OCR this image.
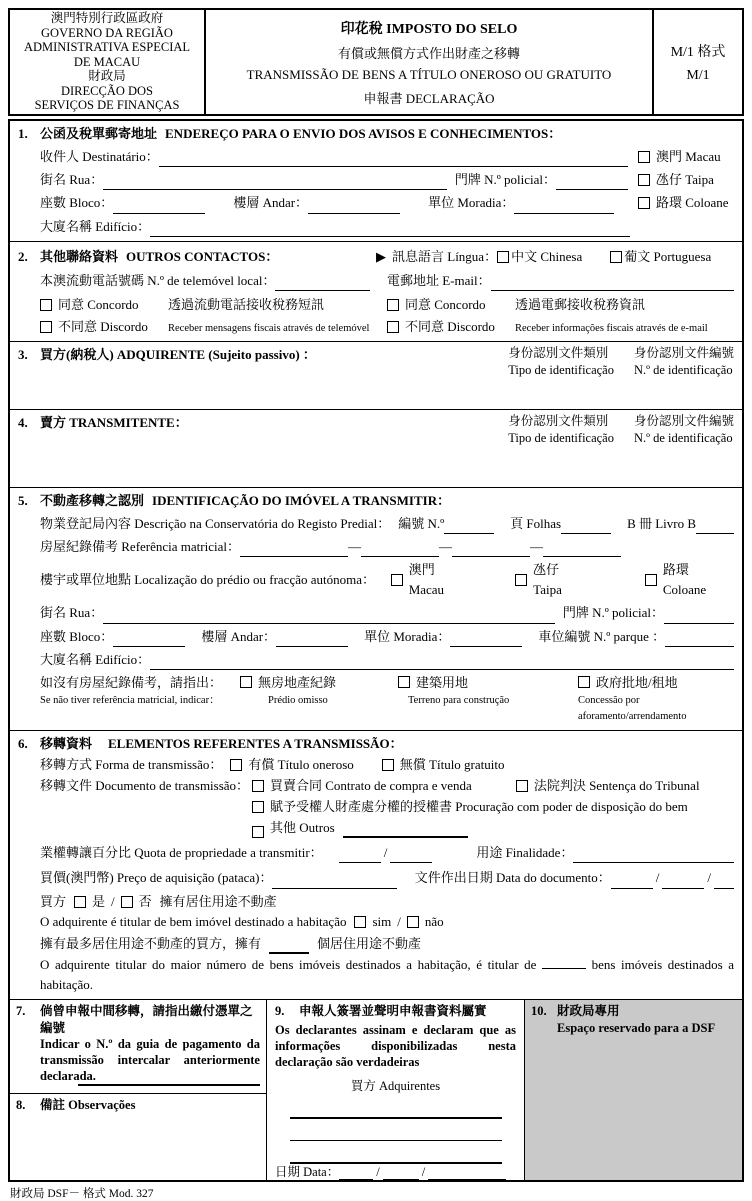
澳門特別行政區政府
GOVERNO DA REGIÃO
ADMINISTRATIVA ESPECIAL
DE MACAU
財政局
DIRECÇÃO DOS
SERVIÇOS DE FINANÇAS
印花稅 IMPOSTO DO SELO
有償或無償方式作出財產之移轉
TRANSMISSÃO DE BENS A TÍTULO ONEROSO OU GRATUITO
申報書 DECLARAÇÃO
M/1 格式
M/1
1. 公函及稅單郵寄地址 ENDEREÇO PARA O ENVIO DOS AVISOS E CONHECIMENTOS：
收件人 Destinatário：	澳門 Macau
街名 Rua：	門牌 N.º policial：	氹仔 Taipa
座數 Bloco：	樓層 Andar：	單位 Moradia：	路環 Coloane
大廈名稱 Edifício：
2. 其他聯絡資料 OUTROS CONTACTOS：	▶ 訊息語言 Língua： 中文 Chinesa	葡文 Portuguesa
本澳流動電話號碼 N.º de telemóvel local：	電郵地址 E-mail：
同意 Concordo 透過流動電話接收稅務短訊	同意 Concordo 透過電郵接收稅務資訊
不同意 Discordo Receber mensagens fiscais através de telemóvel	不同意 Discordo Receber informações fiscais através de e-mail
3. 買方(納稅人) ADQUIRENTE (Sujeito passivo) ：	身份認別文件類別
Tipo de identificação
身份認別文件編號
N.º de identificação
4. 賣方 TRANSMITENTE：	身份認別文件類別
Tipo de identificação
身份認別文件編號
N.º de identificação
5. 不動產移轉之認別 IDENTIFICAÇÃO DO IMÓVEL A TRANSMITIR：
物業登記局內容 Descrição na Conservatória do Registo Predial： 編號 N.º	頁 Folhas	B 冊 Livro B
房屋紀錄備考 Referência matricial：	—	—	—
樓宇或單位地點 Localização do prédio ou fracção autónoma：
澳門 Macau
氹仔 Taipa
路環 Coloane
街名 Rua：	門牌 N.º policial：
座數 Bloco：	樓層 Andar：	單位 Moradia：	車位編號 N.º parque ：
大廈名稱 Edifício：
如沒有房屋紀錄備考，請指出：
Se não tiver referência matricial, indicar：
無房地產紀錄
Prédio omisso
建築用地
Terreno para construção
政府批地/租地
Concessão por aforamento/arrendamento
6. 移轉資料 ELEMENTOS REFERENTES A TRANSMISSÃO：
移轉方式 Forma de transmissão： 有償 Título oneroso	無償 Título gratuito
移轉文件 Documento de transmissão： 買賣合同 Contrato de compra e venda	法院判決 Sentença do Tribunal
賦予受權人財產處分權的授權書 Procuração com poder de disposição do bem
其他 Outros
業權轉讓百分比 Quota de propriedade a transmitir：	/	用途 Finalidade：
買價(澳門幣) Preço de aquisição (pataca)：	文件作出日期 Data do documento：	/	/
買方 是 /	否 擁有居住用途不動產
O adquirente é titular de bem imóvel destinado a habitação sim /	não
擁有最多居住用途不動產的買方，擁有	個居住用途不動產
O adquirente titular do maior número de bens imóveis destinados a habitação, é titular de	bens imóveis destinados a habitação.
7.	倘曾申報中間移轉，請指出繳付憑單之編號
Indicar o N.º da guia de pagamento da transmissão intercalar anteriormente declarada.
8.	備註 Observações
9.	申報人簽署並聲明申報書資料屬實
Os declarantes assinam e declaram que as informações disponibilizadas nesta declaração são verdadeiras
買方 Adquirentes
日期 Data：	/	/
10. 財政局專用
Espaço reservado para a DSF
財政局 DSF－ 格式 Mod. 327
